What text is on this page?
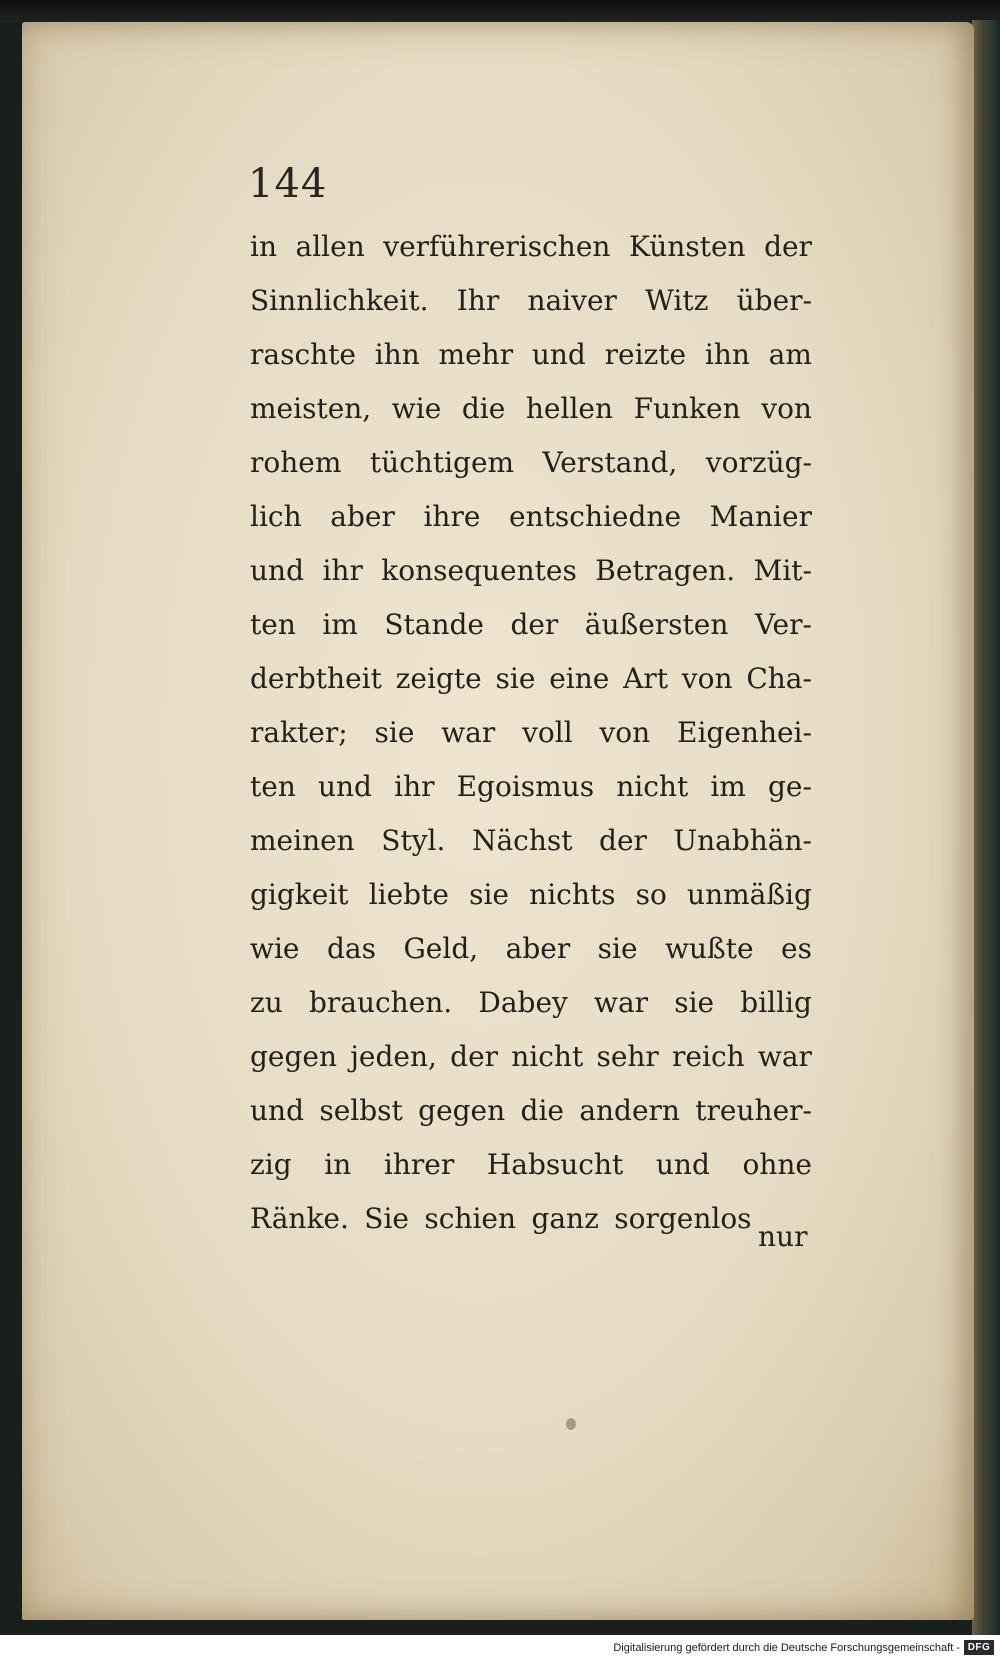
144
in allen verführerischen Künsten der
Sinnlichkeit. Ihr naiver Witz über-
raschte ihn mehr und reizte ihn am
meisten, wie die hellen Funken von
rohem tüchtigem Verstand, vorzüg-
lich aber ihre entschiedne Manier
und ihr konsequentes Betragen. Mit-
ten im Stande der äußersten Ver-
derbtheit zeigte sie eine Art von Cha-
rakter; sie war voll von Eigenhei-
ten und ihr Egoismus nicht im ge-
meinen Styl. Nächst der Unabhän-
gigkeit liebte sie nichts so unmäßig
wie das Geld, aber sie wußte es
zu brauchen. Dabey war sie billig
gegen jeden, der nicht sehr reich war
und selbst gegen die andern treuher-
zig in ihrer Habsucht und ohne
Ränke. Sie schien ganz sorgenlos
nur
Digitalisierung gefördert durch die Deutsche Forschungsgemeinschaft - DFG
